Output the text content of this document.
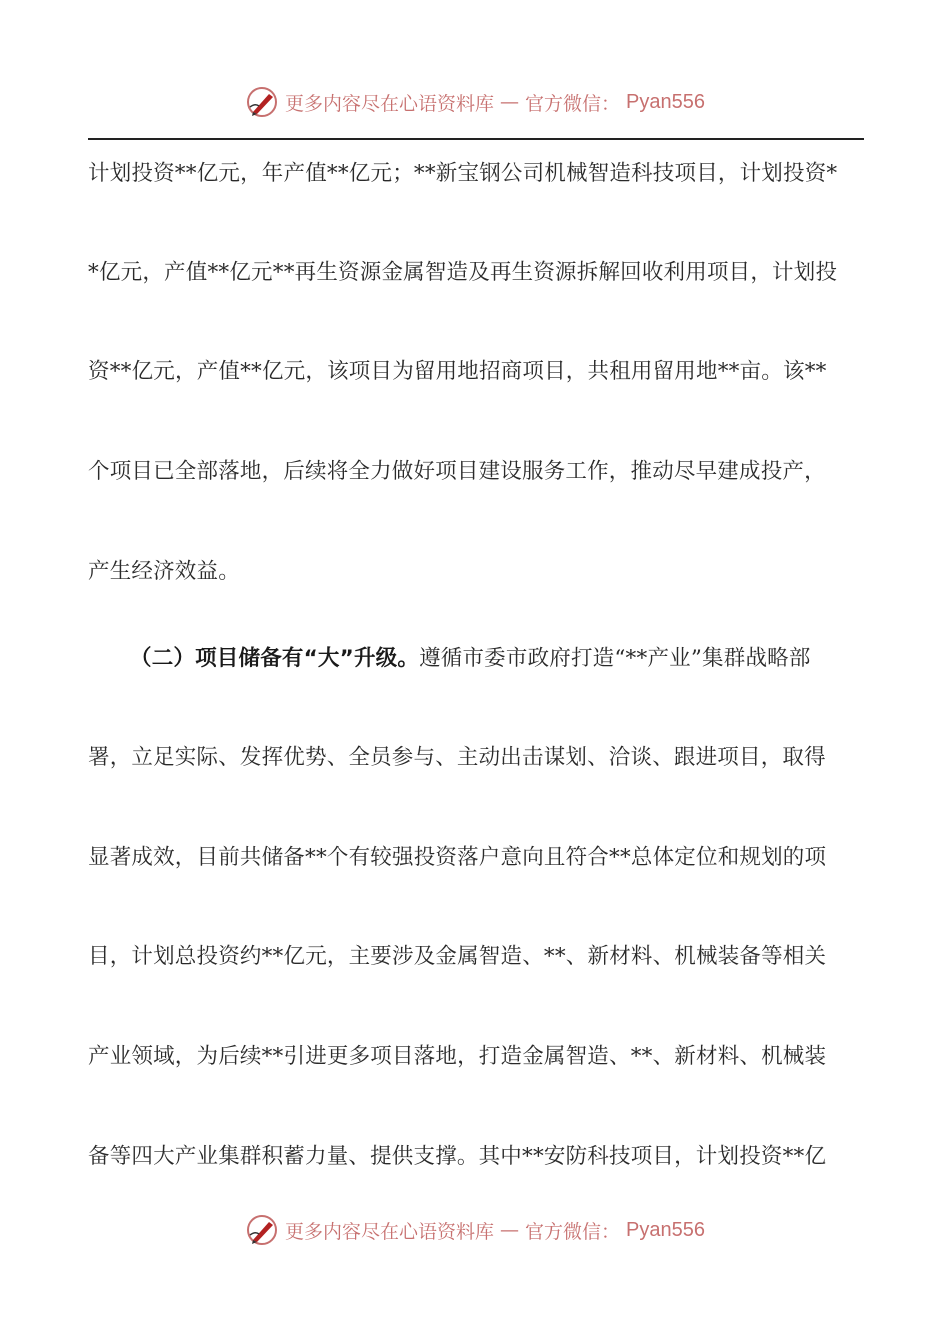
更多内容尽在心语资料库 — 官方微信： Pyan556
计划投资**亿元，年产值**亿元；**新宝钢公司机械智造科技项目，计划投资*
*亿元，产值**亿元**再生资源金属智造及再生资源拆解回收利用项目，计划投
资**亿元，产值**亿元，该项目为留用地招商项目，共租用留用地**亩。该**
个项目已全部落地，后续将全力做好项目建设服务工作，推动尽早建成投产，
产生经济效益。
（二）项目储备有“大”升级。遵循市委市政府打造“**产业”集群战略部
署，立足实际、发挥优势、全员参与、主动出击谋划、洽谈、跟进项目，取得
显著成效，目前共储备**个有较强投资落户意向且符合**总体定位和规划的项
目，计划总投资约**亿元，主要涉及金属智造、**、新材料、机械装备等相关
产业领域，为后续**引进更多项目落地，打造金属智造、**、新材料、机械装
备等四大产业集群积蓄力量、提供支撑。其中**安防科技项目，计划投资**亿
更多内容尽在心语资料库 — 官方微信： Pyan556
